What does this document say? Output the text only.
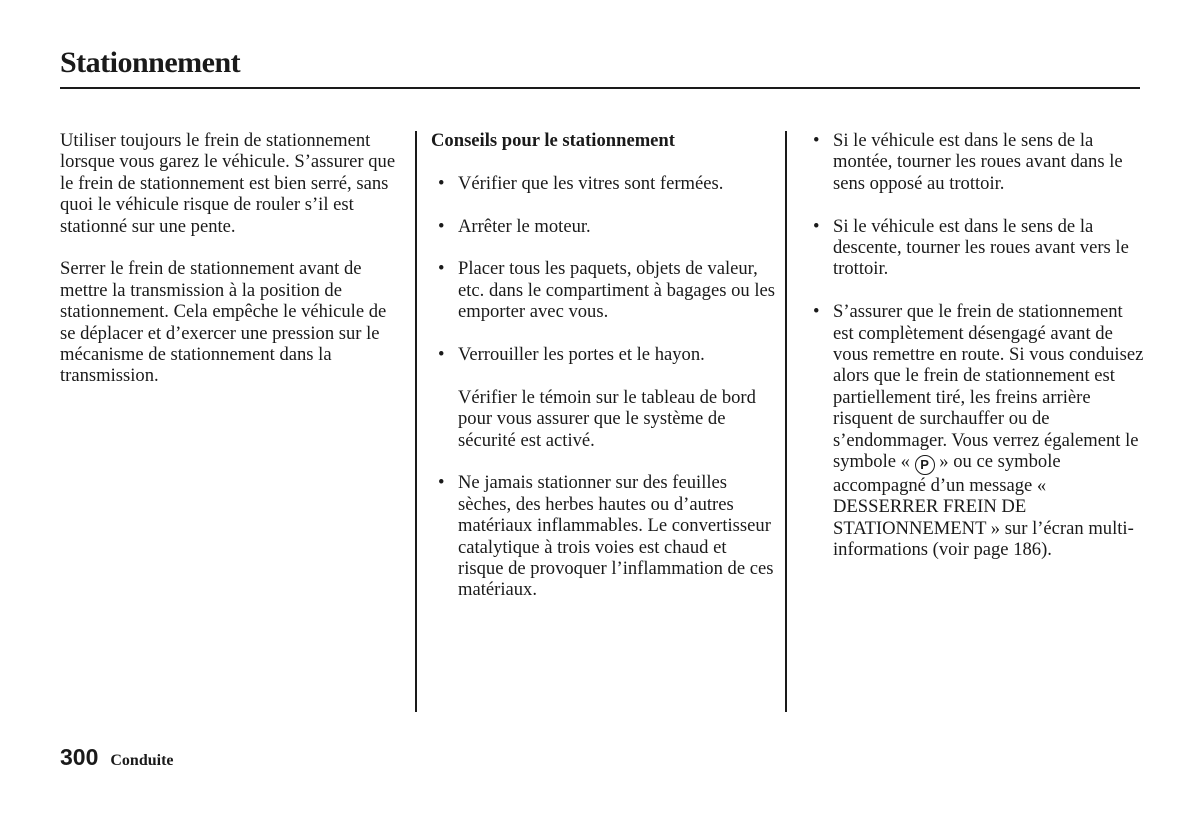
Stationnement

Utiliser toujours le frein de stationnement lorsque vous garez le véhicule. S’assurer que le frein de stationnement est bien serré, sans quoi le véhicule risque de rouler s’il est stationné sur une pente.

Serrer le frein de stationnement avant de mettre la transmission à la position de stationnement. Cela empêche le véhicule de se déplacer et d’exercer une pression sur le mécanisme de stationnement dans la transmission.

Conseils pour le stationnement

• Vérifier que les vitres sont fermées.

• Arrêter le moteur.

• Placer tous les paquets, objets de valeur, etc. dans le compartiment à bagages ou les emporter avec vous.

• Verrouiller les portes et le hayon.

Vérifier le témoin sur le tableau de bord pour vous assurer que le système de sécurité est activé.

• Ne jamais stationner sur des feuilles sèches, des herbes hautes ou d’autres matériaux inflammables. Le convertisseur catalytique à trois voies est chaud et risque de provoquer l’inflammation de ces matériaux.

• Si le véhicule est dans le sens de la montée, tourner les roues avant dans le sens opposé au trottoir.

• Si le véhicule est dans le sens de la descente, tourner les roues avant vers le trottoir.

• S’assurer que le frein de stationnement est complètement désengagé avant de vous remettre en route. Si vous conduisez alors que le frein de stationnement est partiellement tiré, les freins arrière risquent de surchauffer ou de s’endommager. Vous verrez également le symbole « P » ou ce symbole accompagné d’un message « DESSERRER FREIN DE STATIONNEMENT » sur l’écran multi-informations (voir page 186).

300 Conduite
